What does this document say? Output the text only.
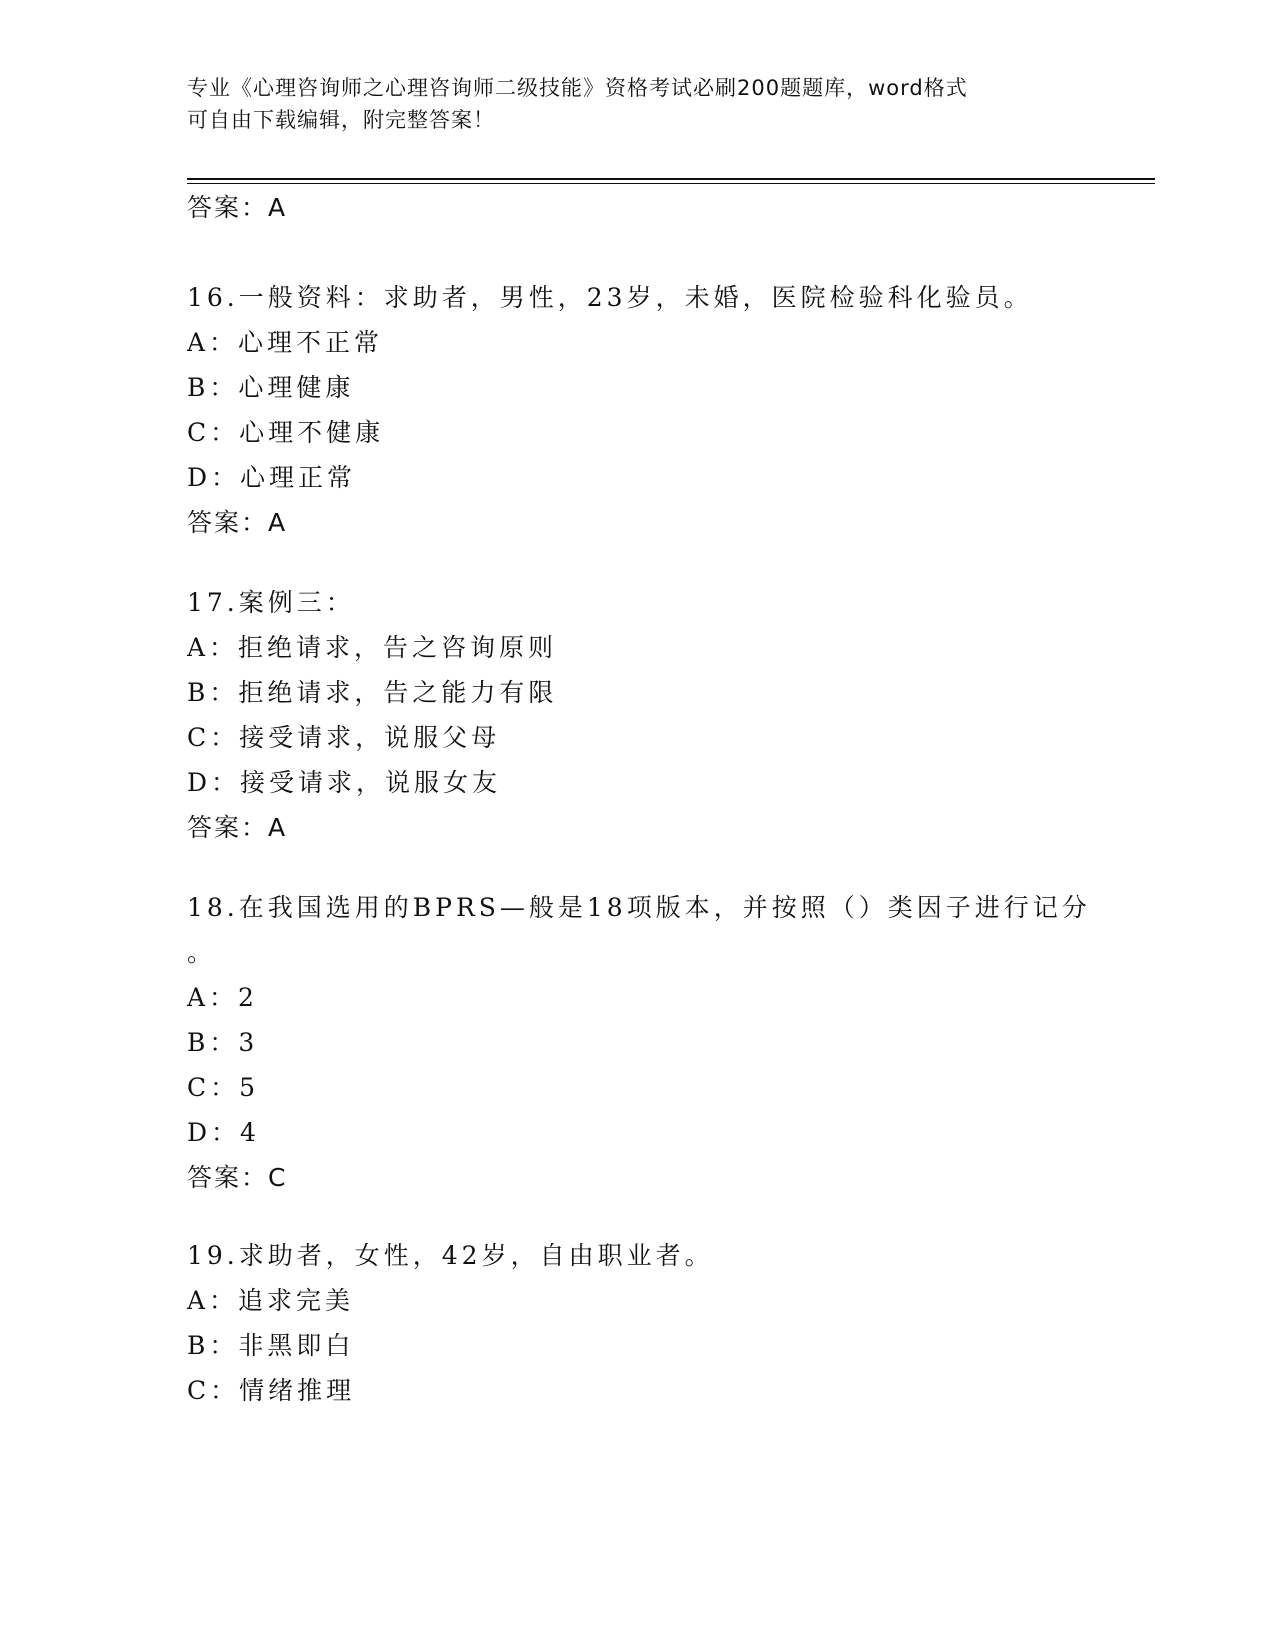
专业《心理咨询师之心理咨询师二级技能》资格考试必刷200题题库，word格式
可自由下载编辑，附完整答案！
答案：A
16.一般资料：求助者，男性，23岁，未婚，医院检验科化验员。
A：心理不正常
B：心理健康
C：心理不健康
D：心理正常
答案：A
17.案例三：
A：拒绝请求，告之咨询原则
B：拒绝请求，告之能力有限
C：接受请求，说服父母
D：接受请求，说服女友
答案：A
18.在我国选用的BPRS—般是18项版本，并按照（）类因子进行记分
。
A：2
B：3
C：5
D：4
答案：C
19.求助者，女性，42岁，自由职业者。
A：追求完美
B：非黑即白
C：情绪推理
